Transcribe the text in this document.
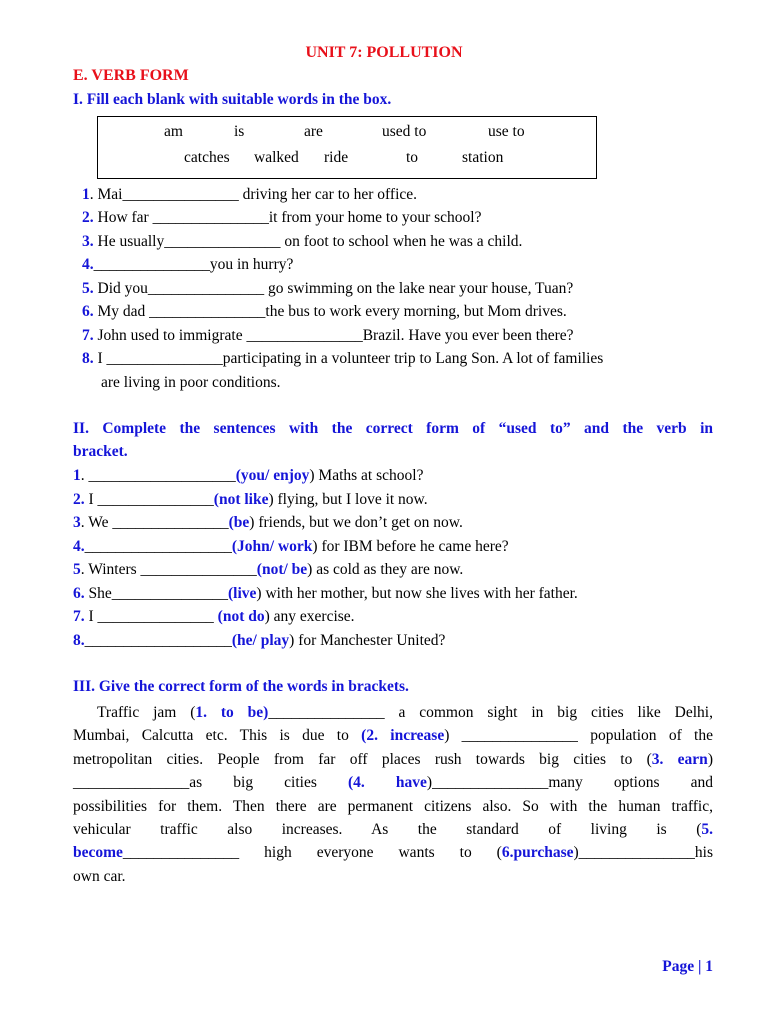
UNIT 7: POLLUTION
E. VERB FORM
I. Fill each blank with suitable words in the box.
am	is	are	used to	use to
catches walked ride	to	station
1. Mai_______________ driving her car to her office.
2. How far _______________it from your home to your school?
3. He usually_______________ on foot to school when he was a child.
4._______________you in hurry?
5. Did you_______________ go swimming on the lake near your house, Tuan?
6. My dad _______________the bus to work every morning, but Mom drives.
7. John used to immigrate _______________Brazil. Have you ever been there?
8. I _______________participating in a volunteer trip to Lang Son. A lot of families
are living in poor conditions.
II. Complete the sentences with the correct form of “used to” and the verb in
bracket.
1. ___________________(you/ enjoy) Maths at school?
2. I _______________(not like) flying, but I love it now.
3. We _______________(be) friends, but we don’t get on now.
4.___________________(John/ work) for IBM before he came here?
5. Winters _______________(not/ be) as cold as they are now.
6. She_______________(live) with her mother, but now she lives with her father.
7. I _______________ (not do) any exercise.
8.___________________(he/ play) for Manchester United?
III. Give the correct form of the words in brackets.
Traffic jam (1. to be)_______________ a common sight in big cities like Delhi,
Mumbai, Calcutta etc. This is due to (2. increase) _______________ population of the
metropolitan cities. People from far off places rush towards big cities to (3. earn)
_______________as big cities (4. have)_______________many options and
possibilities for them. Then there are permanent citizens also. So with the human traffic,
vehicular traffic also increases. As the standard of living is (5.
become_______________ high everyone wants to (6.purchase)_______________his
own car.
Page | 1
